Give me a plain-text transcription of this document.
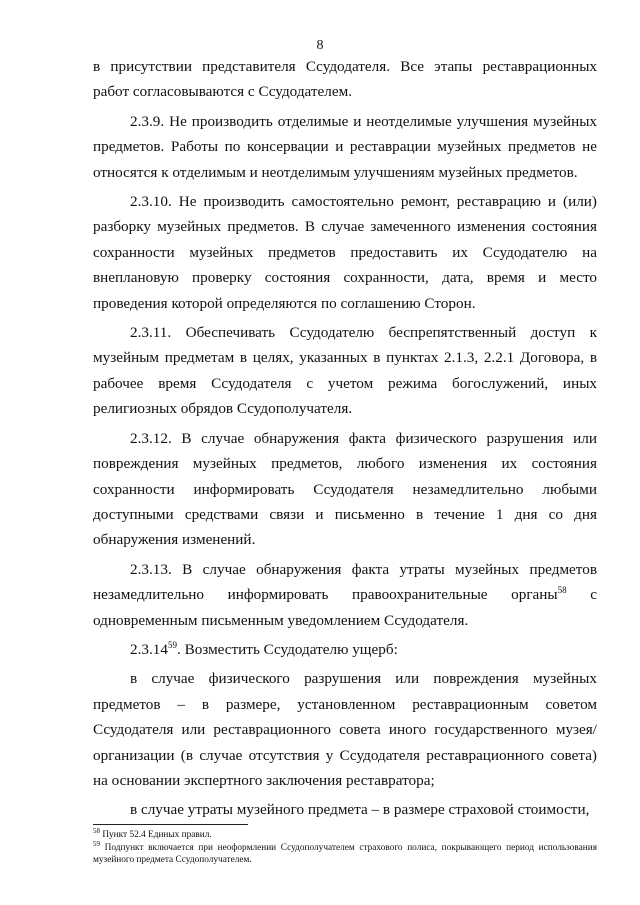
8

в присутствии представителя Ссудодателя. Все этапы реставрационных работ согласовываются с Ссудодателем.

2.3.9. Не производить отделимые и неотделимые улучшения музейных предметов. Работы по консервации и реставрации музейных предметов не относятся к отделимым и неотделимым улучшениям музейных предметов.

2.3.10. Не производить самостоятельно ремонт, реставрацию и (или) разборку музейных предметов. В случае замеченного изменения состояния сохранности музейных предметов предоставить их Ссудодателю на внеплановую проверку состояния сохранности, дата, время и место проведения которой определяются по соглашению Сторон.

2.3.11. Обеспечивать Ссудодателю беспрепятственный доступ к музейным предметам в целях, указанных в пунктах 2.1.3, 2.2.1 Договора, в рабочее время Ссудодателя с учетом режима богослужений, иных религиозных обрядов Ссудополучателя.

2.3.12. В случае обнаружения факта физического разрушения или повреждения музейных предметов, любого изменения их состояния сохранности информировать Ссудодателя незамедлительно любыми доступными средствами связи и письменно в течение 1 дня со дня обнаружения изменений.

2.3.13. В случае обнаружения факта утраты музейных предметов незамедлительно информировать правоохранительные органы$^{58}$ с одновременным письменным уведомлением Ссудодателя.

2.3.14$^{59}$. Возместить Ссудодателю ущерб:

в случае физического разрушения или повреждения музейных предметов – в размере, установленном реставрационным советом Ссудодателя или реставрационного совета иного государственного музея/организации (в случае отсутствия у Ссудодателя реставрационного совета) на основании экспертного заключения реставратора;

в случае утраты музейного предмета – в размере страховой стоимости,

$^{58}$ Пункт 52.4 Единых правил.

$^{59}$ Подпункт включается при неоформлении Ссудополучателем страхового полиса, покрывающего период использования музейного предмета Ссудополучателем.
